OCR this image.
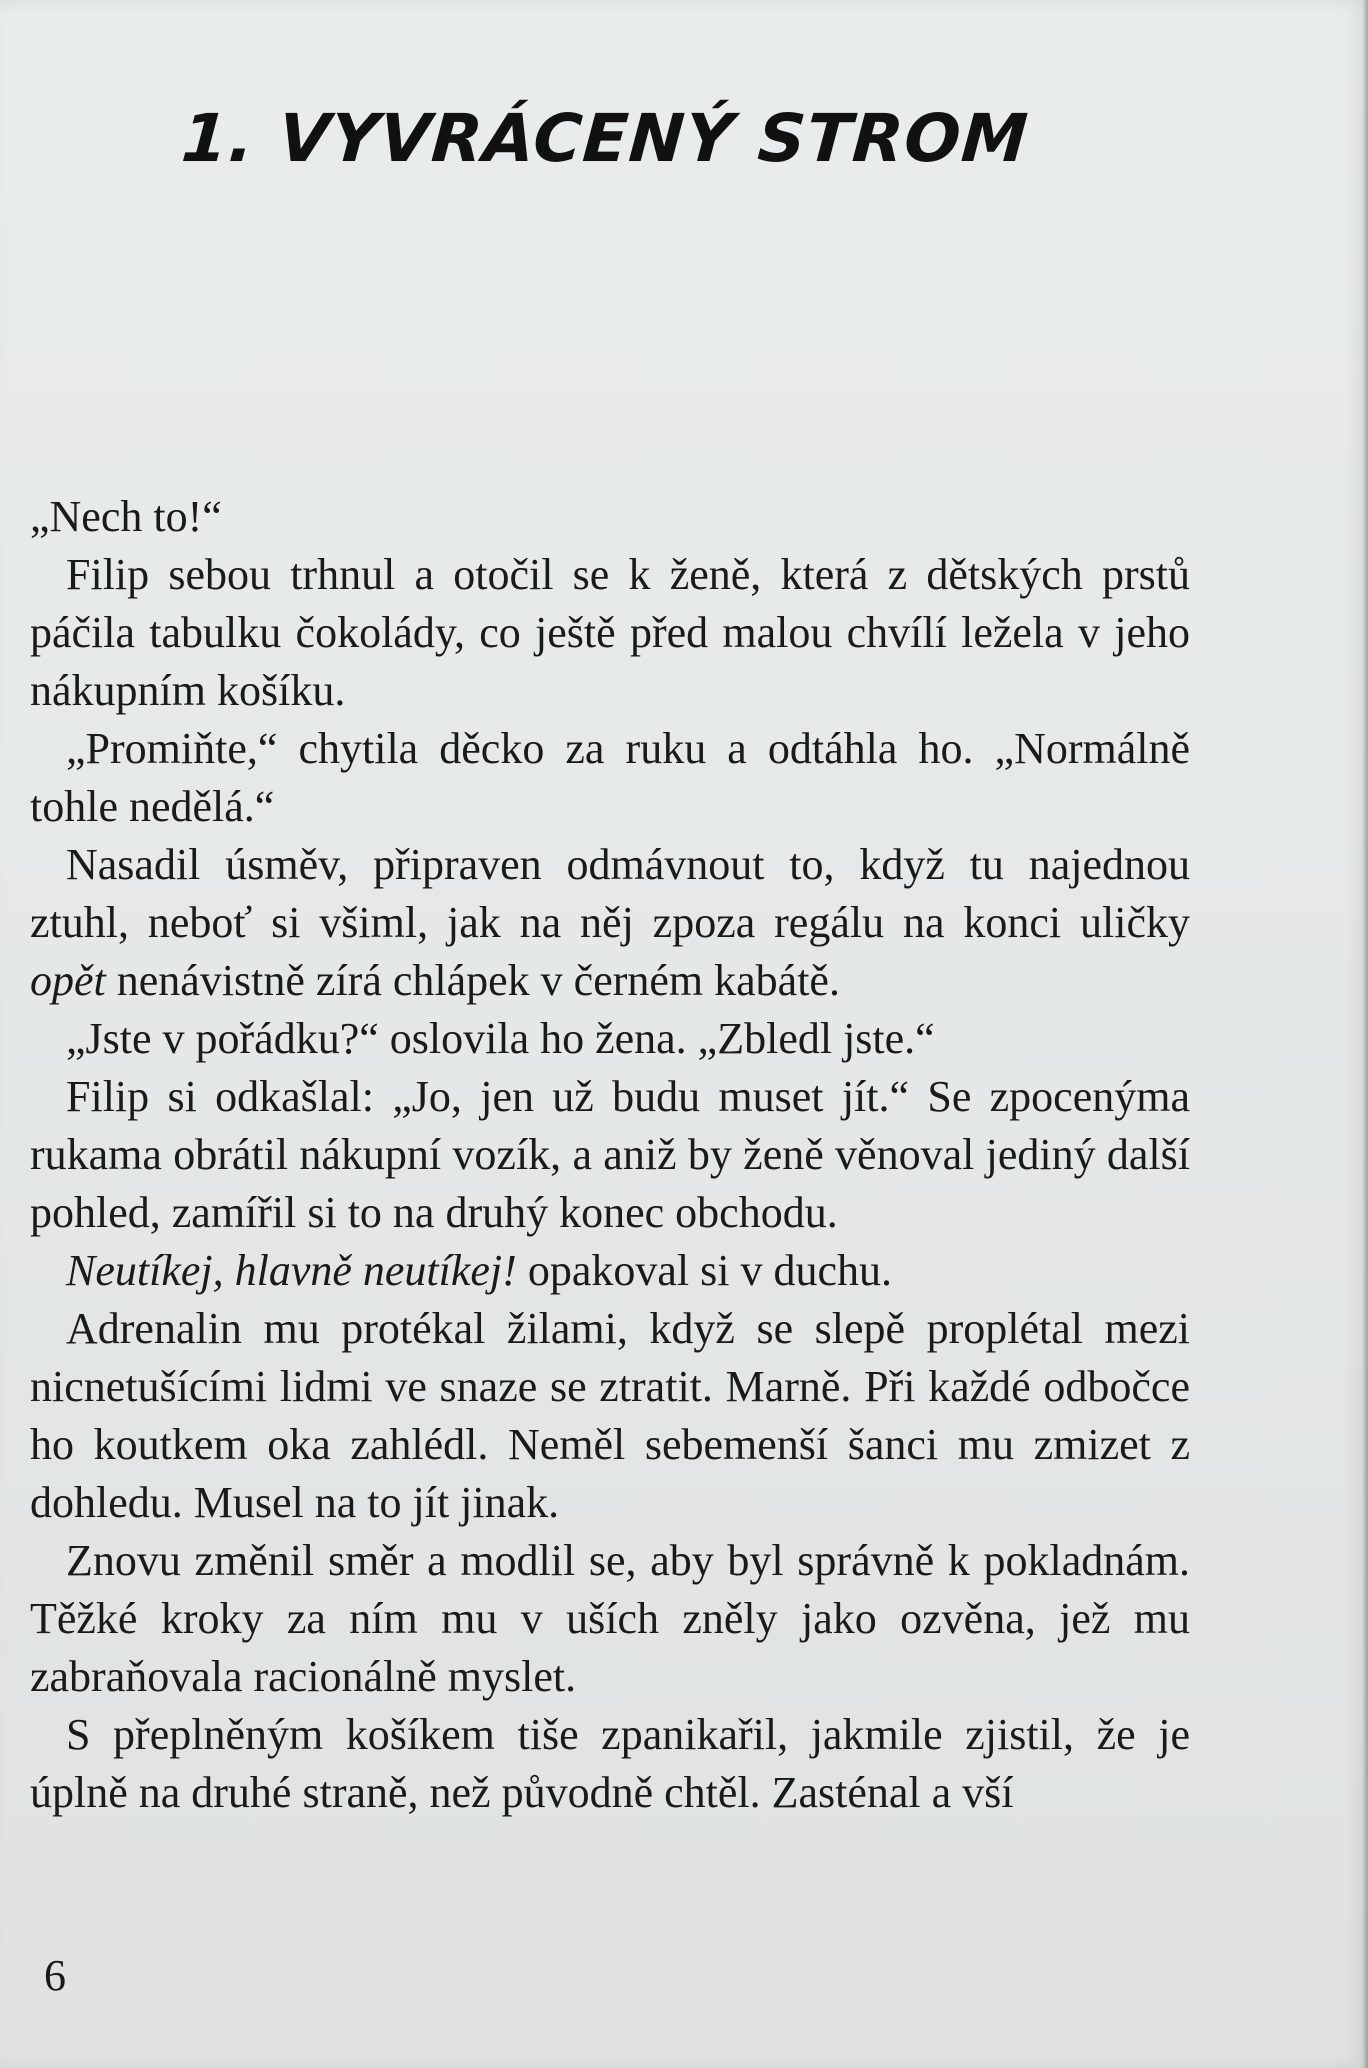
1. VYVRÁCENÝ STROM

„Nech to!“

Filip sebou trhnul a otočil se k ženě, která z dětských prstů páčila tabulku čokolády, co ještě před malou chvílí ležela v jeho nákupním košíku.

„Promiňte,“ chytila děcko za ruku a odtáhla ho. „Normálně tohle nedělá.“

Nasadil úsměv, připraven odmávnout to, když tu najednou ztuhl, neboť si všiml, jak na něj zpoza regálu na konci uličky opět nenávistně zírá chlápek v černém kabátě.

„Jste v pořádku?“ oslovila ho žena. „Zbledl jste.“

Filip si odkašlal: „Jo, jen už budu muset jít.“ Se zpocenýma rukama obrátil nákupní vozík, a aniž by ženě věnoval jediný další pohled, zamířil si to na druhý konec obchodu.

Neutíkej, hlavně neutíkej! opakoval si v duchu.

Adrenalin mu protékal žilami, když se slepě proplétal mezi nicnetušícími lidmi ve snaze se ztratit. Marně. Při každé odbočce ho koutkem oka zahlédl. Neměl sebemenší šanci mu zmizet z dohledu. Musel na to jít jinak.

Znovu změnil směr a modlil se, aby byl správně k pokladnám. Těžké kroky za ním mu v uších zněly jako ozvěna, jež mu zabraňovala racionálně myslet.

S přeplněným košíkem tiše zpanikařil, jakmile zjistil, že je úplně na druhé straně, než původně chtěl. Zasténal a vší

6
